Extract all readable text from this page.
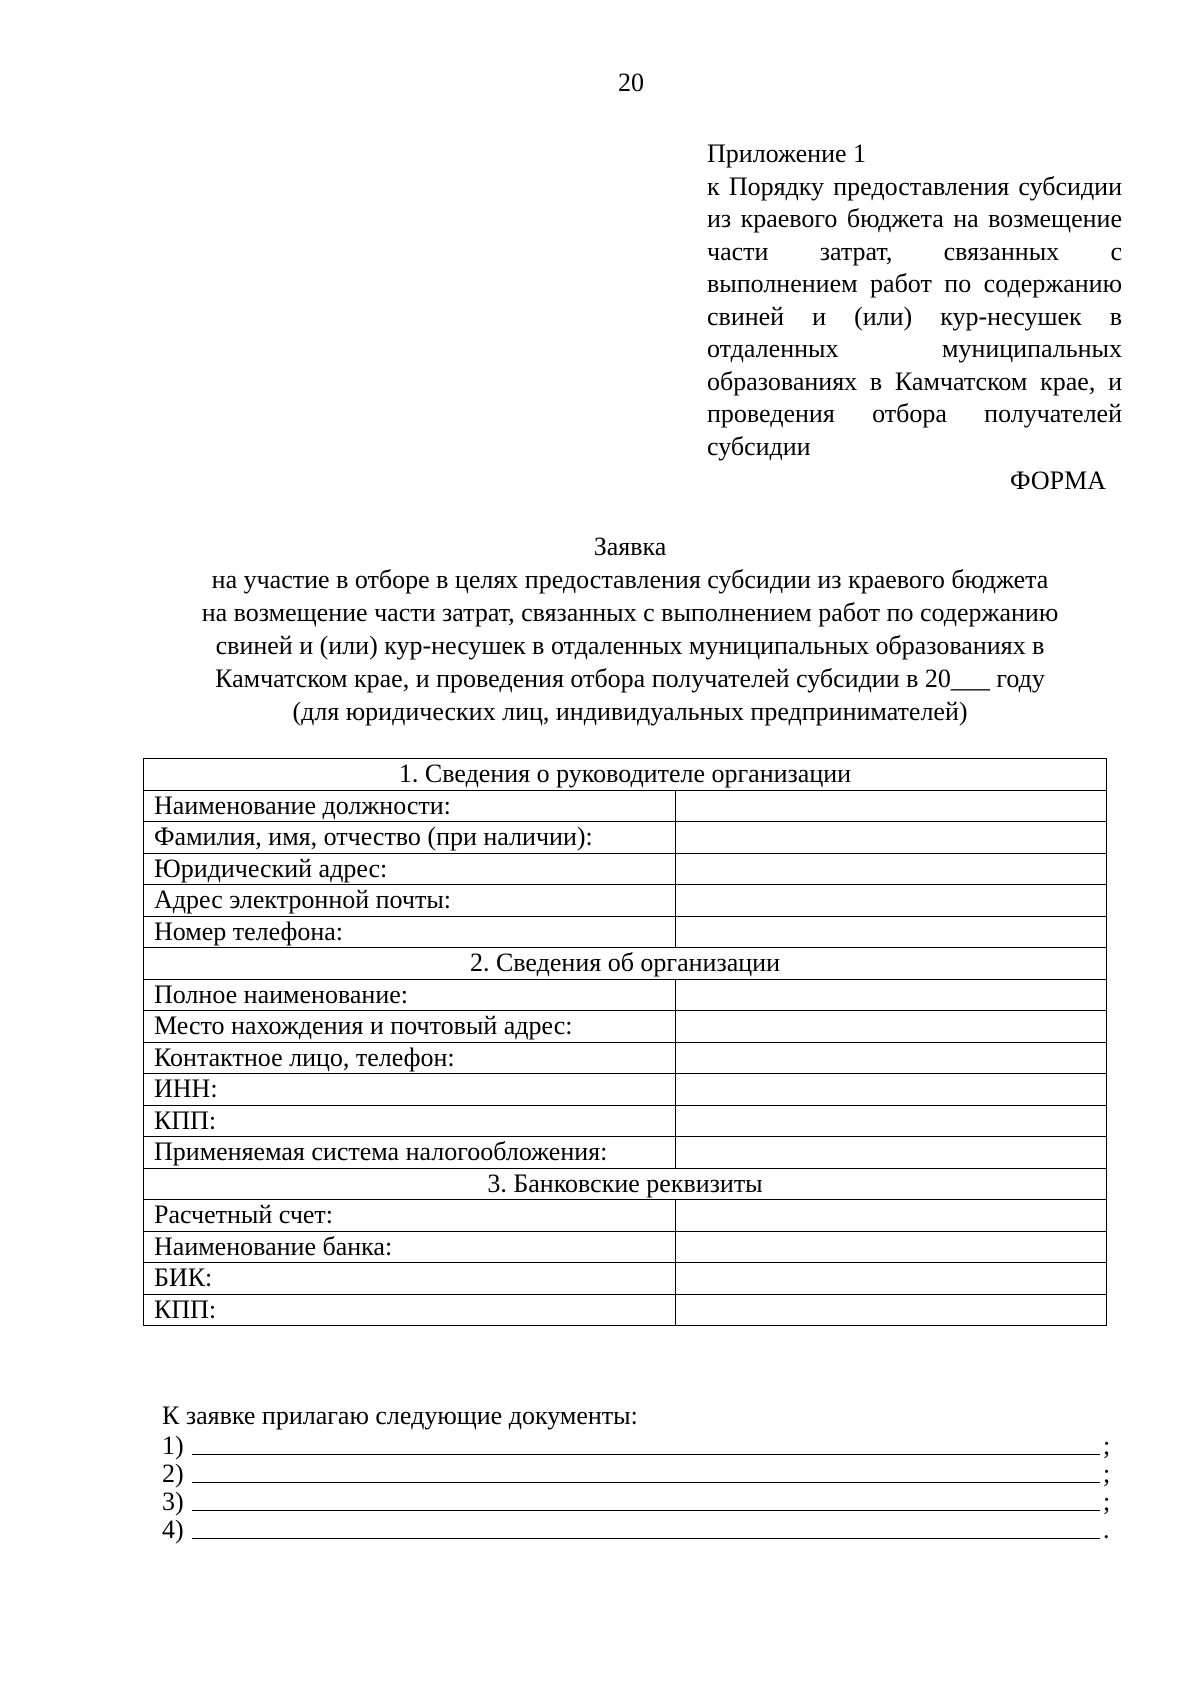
20
Приложение 1
к Порядку предоставления субсидии из краевого бюджета на возмещение части затрат, связанных с выполнением работ по содержанию свиней и (или) кур-несушек в отдаленных муниципальных образованиях в Камчатском крае, и проведения отбора получателей субсидии
ФОРМА
Заявка
на участие в отборе в целях предоставления субсидии из краевого бюджета
на возмещение части затрат, связанных с выполнением работ по содержанию
свиней и (или) кур-несушек в отдаленных муниципальных образованиях в
Камчатском крае, и проведения отбора получателей субсидии в 20___ году
(для юридических лиц, индивидуальных предпринимателей)
1. Сведения о руководителе организации	
Наименование должности:	
Фамилия, имя, отчество (при наличии):	
Юридический адрес:	
Адрес электронной почты:	
Номер телефона:	
2. Сведения об организации	
Полное наименование:	
Место нахождения и почтовый адрес:	
Контактное лицо, телефон:	
ИНН:	
КПП:	
Применяемая система налогообложения:	
3. Банковские реквизиты	
Расчетный счет:	
Наименование банка:	
БИК:	
КПП:	
К заявке прилагаю следующие документы:
1)	;
2)	;
3)	;
4)	.
